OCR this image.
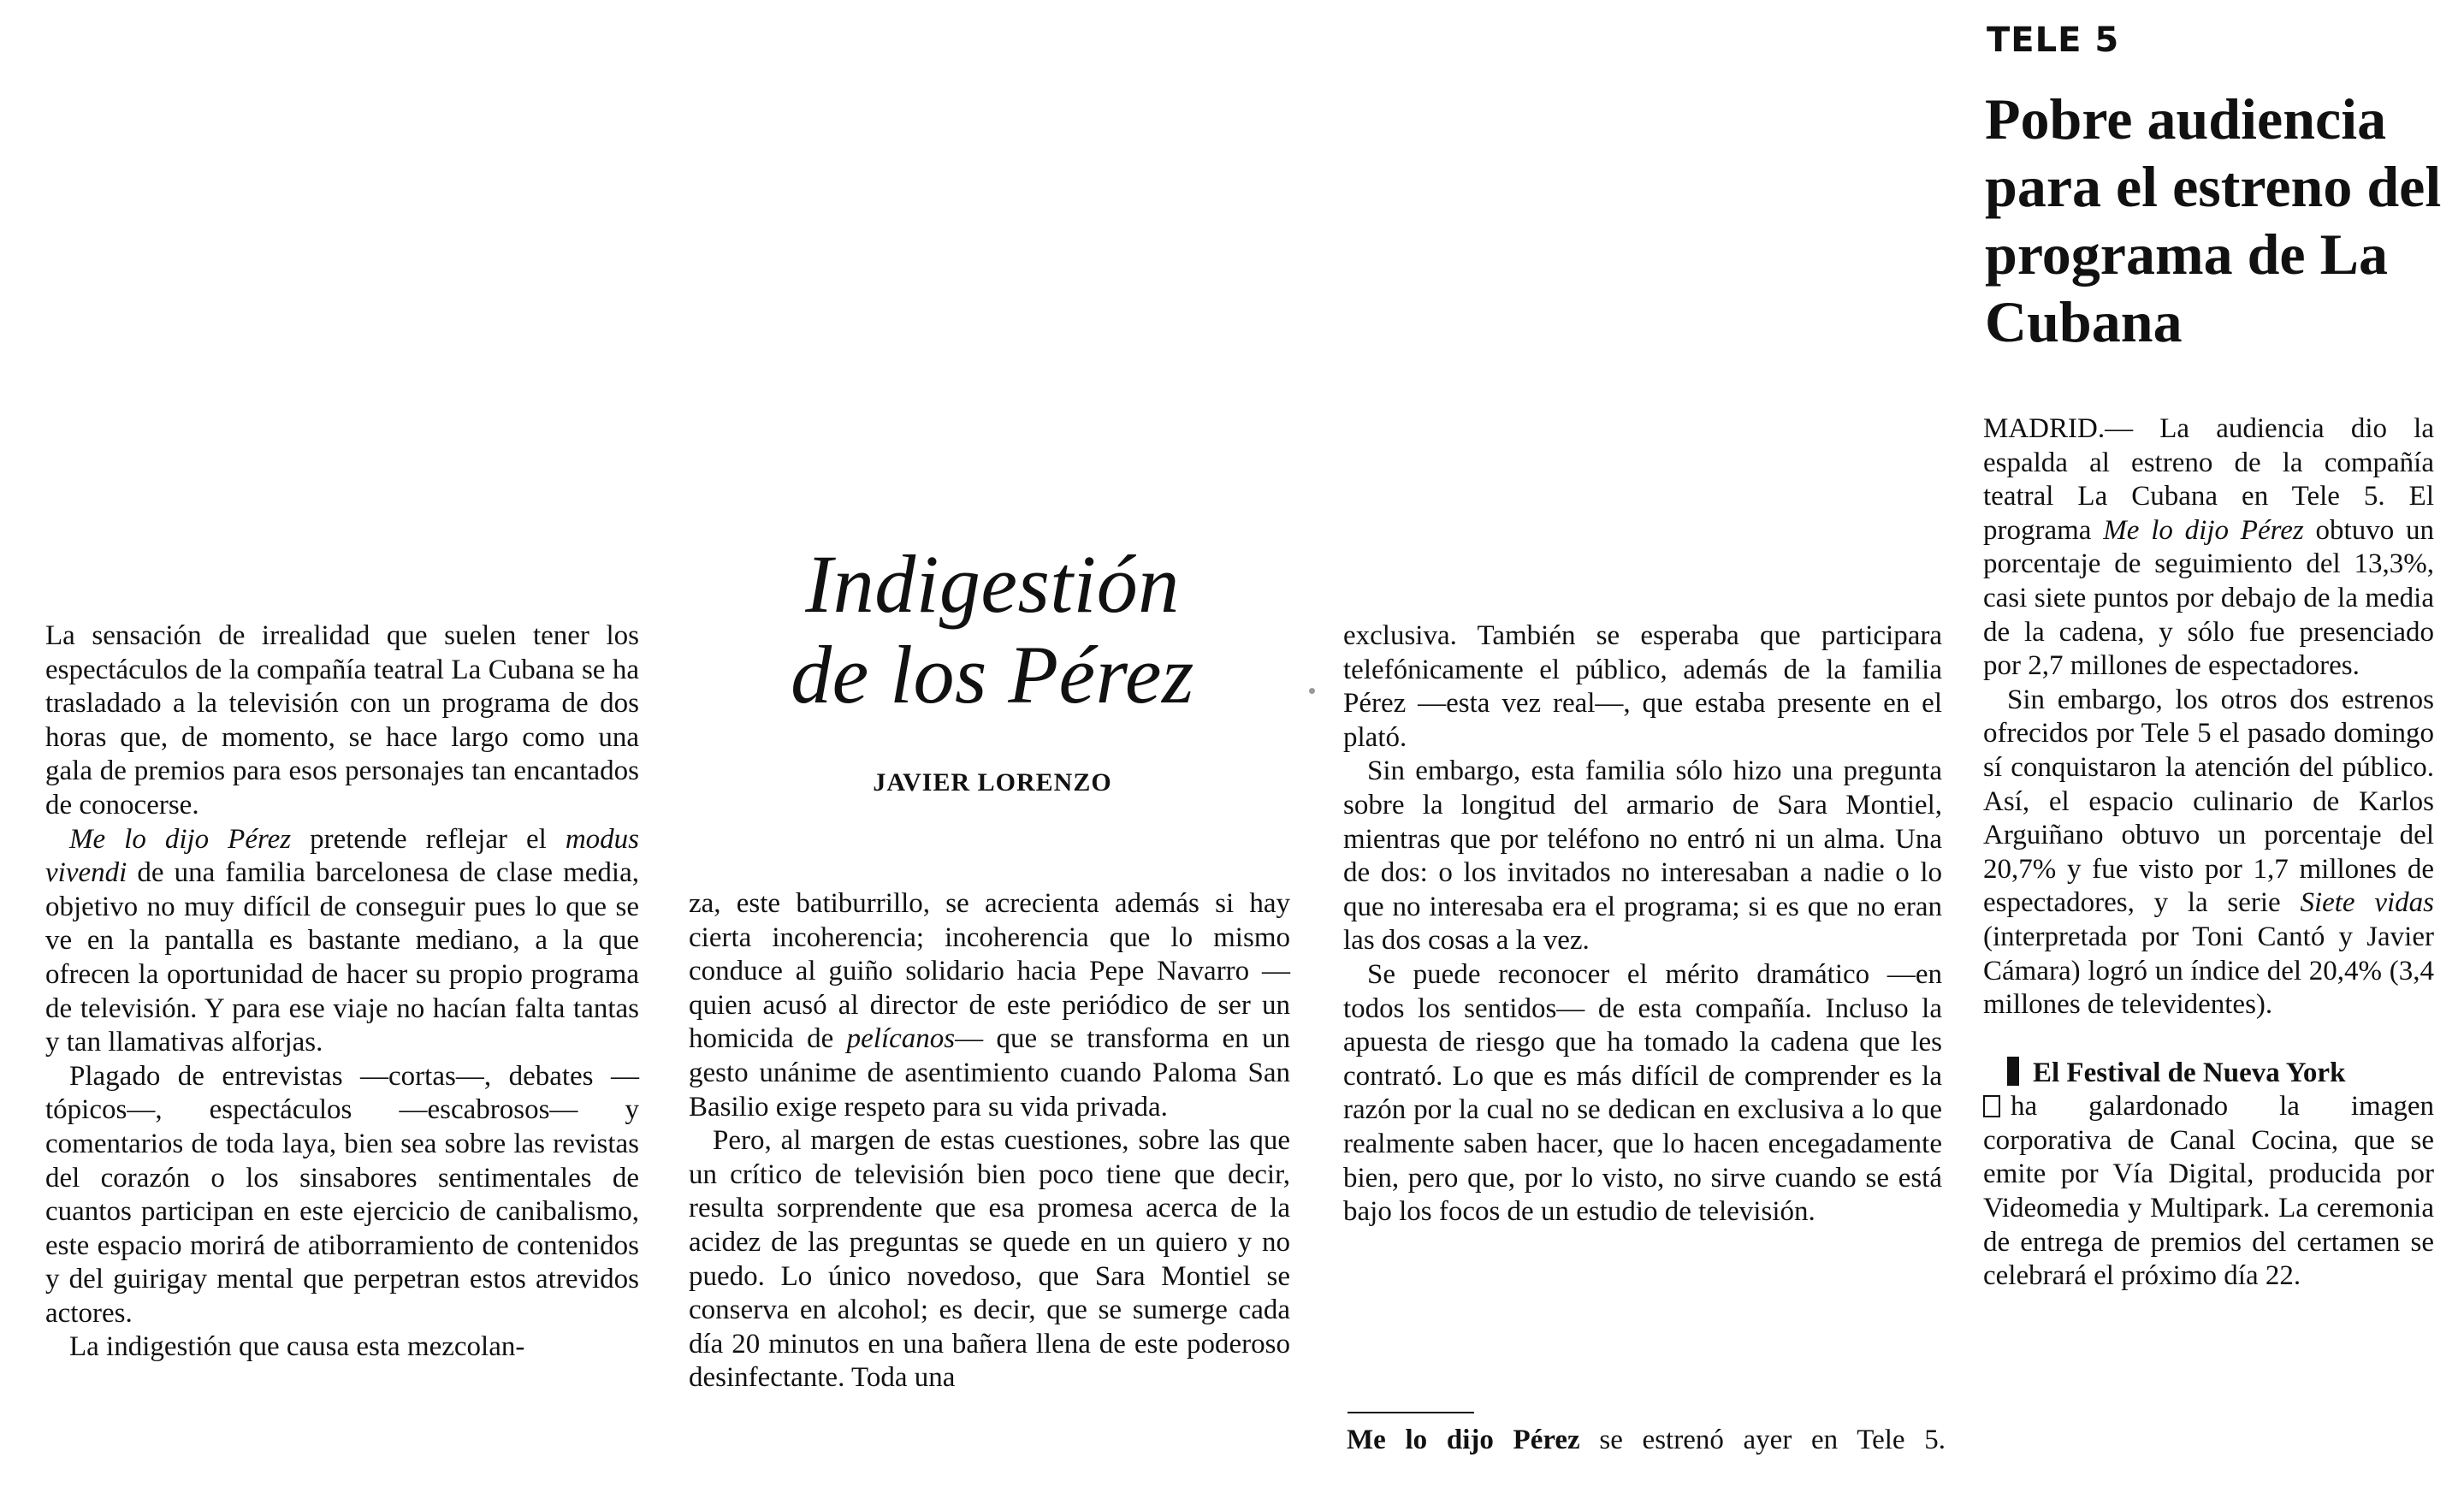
TELE 5
Pobre audiencia para el estreno del programa de La Cubana

MADRID.— La audiencia dio la espalda al estreno de la compañía teatral La Cubana en Tele 5. El programa Me lo dijo Pérez obtuvo un porcentaje de seguimiento del 13,3%, casi siete puntos por debajo de la media de la cadena, y sólo fue presenciado por 2,7 millones de espectadores.

Sin embargo, los otros dos estrenos ofrecidos por Tele 5 el pasado domingo sí conquistaron la atención del público. Así, el espacio culinario de Karlos Arguiñano obtuvo un porcentaje del 20,7% y fue visto por 1,7 millones de espectadores, y la serie Siete vidas (interpretada por Toni Cantó y Javier Cámara) logró un índice del 20,4% (3,4 millones de televidentes).

El Festival de Nueva York

ha galardonado la imagen corporativa de Canal Cocina, que se emite por Vía Digital, producida por Videomedia y Multipark. La ceremonia de entrega de premios del certamen se celebrará el próximo día 22.

Indigestión
de los Pérez
JAVIER LORENZO

La sensación de irrealidad que suelen tener los espectáculos de la compañía teatral La Cubana se ha trasladado a la televisión con un programa de dos horas que, de momento, se hace largo como una gala de premios para esos personajes tan encantados de conocerse.

Me lo dijo Pérez pretende reflejar el modus vivendi de una familia barcelonesa de clase media, objetivo no muy difícil de conseguir pues lo que se ve en la pantalla es bastante mediano, a la que ofrecen la oportunidad de hacer su propio programa de televisión. Y para ese viaje no hacían falta tantas y tan llamativas alforjas.

Plagado de entrevistas —cortas—, debates —tópicos—, espectáculos —escabrosos— y comentarios de toda laya, bien sea sobre las revistas del corazón o los sinsabores sentimentales de cuantos participan en este ejercicio de canibalismo, este espacio morirá de atiborramiento de contenidos y del guirigay mental que perpetran estos atrevidos actores.

La indigestión que causa esta mezcolan-

za, este batiburrillo, se acrecienta además si hay cierta incoherencia; incoherencia que lo mismo conduce al guiño solidario hacia Pepe Navarro —quien acusó al director de este periódico de ser un homicida de pelícanos— que se transforma en un gesto unánime de asentimiento cuando Paloma San Basilio exige respeto para su vida privada.

Pero, al margen de estas cuestiones, sobre las que un crítico de televisión bien poco tiene que decir, resulta sorprendente que esa promesa acerca de la acidez de las preguntas se quede en un quiero y no puedo. Lo único novedoso, que Sara Montiel se conserva en alcohol; es decir, que se sumerge cada día 20 minutos en una bañera llena de este poderoso desinfectante. Toda una

exclusiva. También se esperaba que participara telefónicamente el público, además de la familia Pérez —esta vez real—, que estaba presente en el plató.

Sin embargo, esta familia sólo hizo una pregunta sobre la longitud del armario de Sara Montiel, mientras que por teléfono no entró ni un alma. Una de dos: o los invitados no interesaban a nadie o lo que no interesaba era el programa; si es que no eran las dos cosas a la vez.

Se puede reconocer el mérito dramático —en todos los sentidos— de esta compañía. Incluso la apuesta de riesgo que ha tomado la cadena que les contrató. Lo que es más difícil de comprender es la razón por la cual no se dedican en exclusiva a lo que realmente saben hacer, que lo hacen encegadamente bien, pero que, por lo visto, no sirve cuando se está bajo los focos de un estudio de televisión.

Me lo dijo Pérez se estrenó ayer en Tele 5.
